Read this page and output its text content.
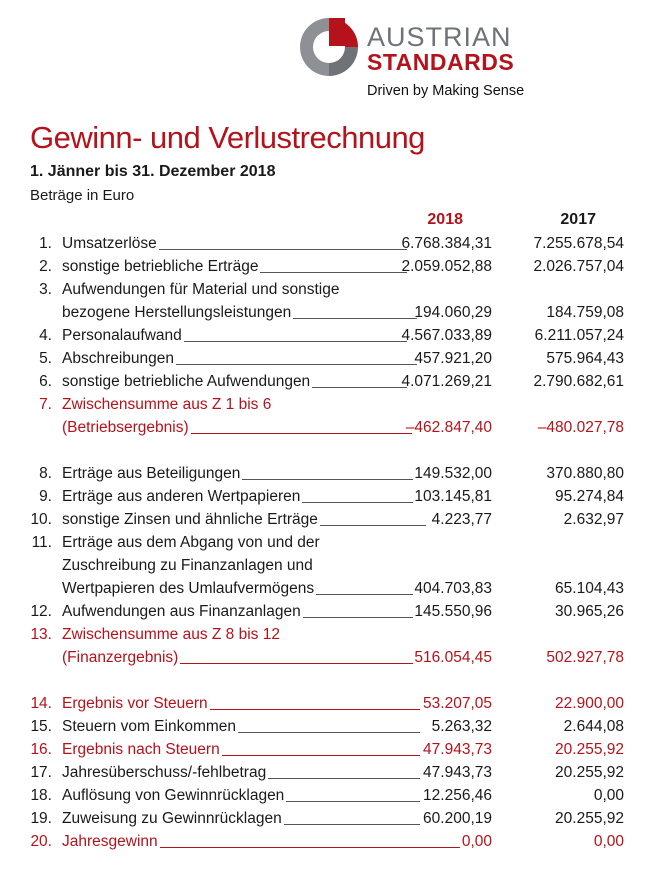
AUSTRIAN
STANDARDS
Driven by Making Sense
Gewinn- und Verlustrechnung
1. Jänner bis 31. Dezember 2018
Beträge in Euro
2018	2017
1. Umsatzerlöse	6.768.384,31	7.255.678,54
2. sonstige betriebliche Erträge	2.059.052,88	2.026.757,04
3. Aufwendungen für Material und sonstige
bezogene Herstellungsleistungen	194.060,29	184.759,08
4. Personalaufwand	4.567.033,89	6.211.057,24
5. Abschreibungen	457.921,20	575.964,43
6. sonstige betriebliche Aufwendungen	4.071.269,21	2.790.682,61
7. Zwischensumme aus Z 1 bis 6
(Betriebsergebnis)	–462.847,40	–480.027,78
8. Erträge aus Beteiligungen	149.532,00	370.880,80
9. Erträge aus anderen Wertpapieren	103.145,81	95.274,84
10. sonstige Zinsen und ähnliche Erträge	4.223,77	2.632,97
11. Erträge aus dem Abgang von und der
Zuschreibung zu Finanzanlagen und
Wertpapieren des Umlaufvermögens	404.703,83	65.104,43
12. Aufwendungen aus Finanzanlagen	145.550,96	30.965,26
13. Zwischensumme aus Z 8 bis 12
(Finanzergebnis)	516.054,45	502.927,78
14. Ergebnis vor Steuern	53.207,05	22.900,00
15. Steuern vom Einkommen	5.263,32	2.644,08
16. Ergebnis nach Steuern	47.943,73	20.255,92
17. Jahresüberschuss/-fehlbetrag	47.943,73	20.255,92
18. Auflösung von Gewinnrücklagen	12.256,46	0,00
19. Zuweisung zu Gewinnrücklagen	60.200,19	20.255,92
20. Jahresgewinn	0,00	0,00
